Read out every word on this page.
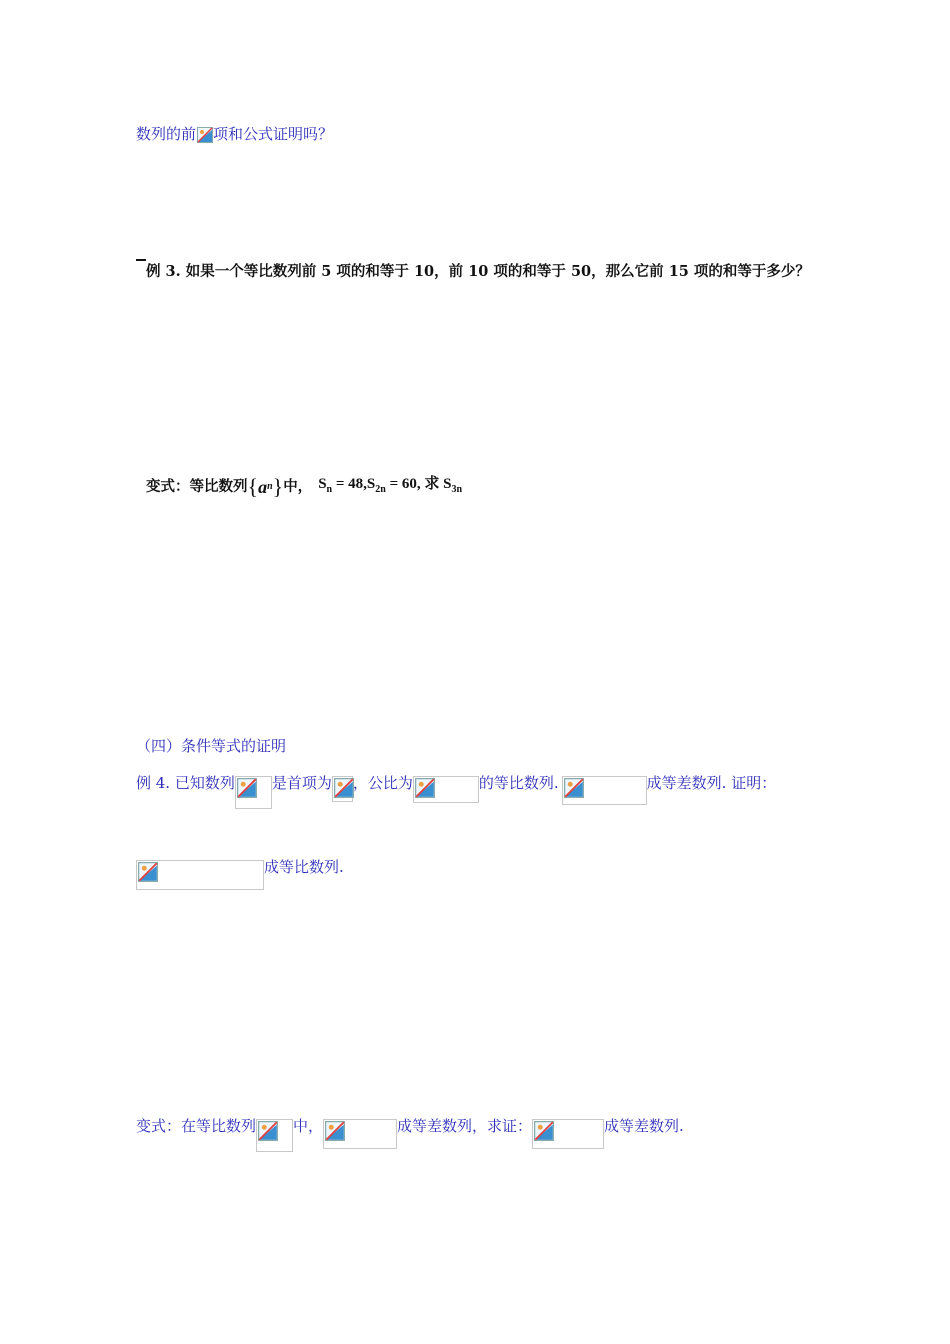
数列的前 项和公式证明吗？
例 3. 如果一个等比数列前 5 项的和等于 10，前 10 项的和等于 50，那么它前 15 项的和等于多少？
变式：等比数列 { a n } 中， $S_n = 48,S_{2n} = 60$, 求 $S_{3n}$
（四）条件等式的证明
例 4. 已知数列 是首项为 ，公比为	的等比数列.	成等差数列. 证明：
成等比数列.
变式：在等比数列 中，	成等差数列，求证：	成等差数列.
